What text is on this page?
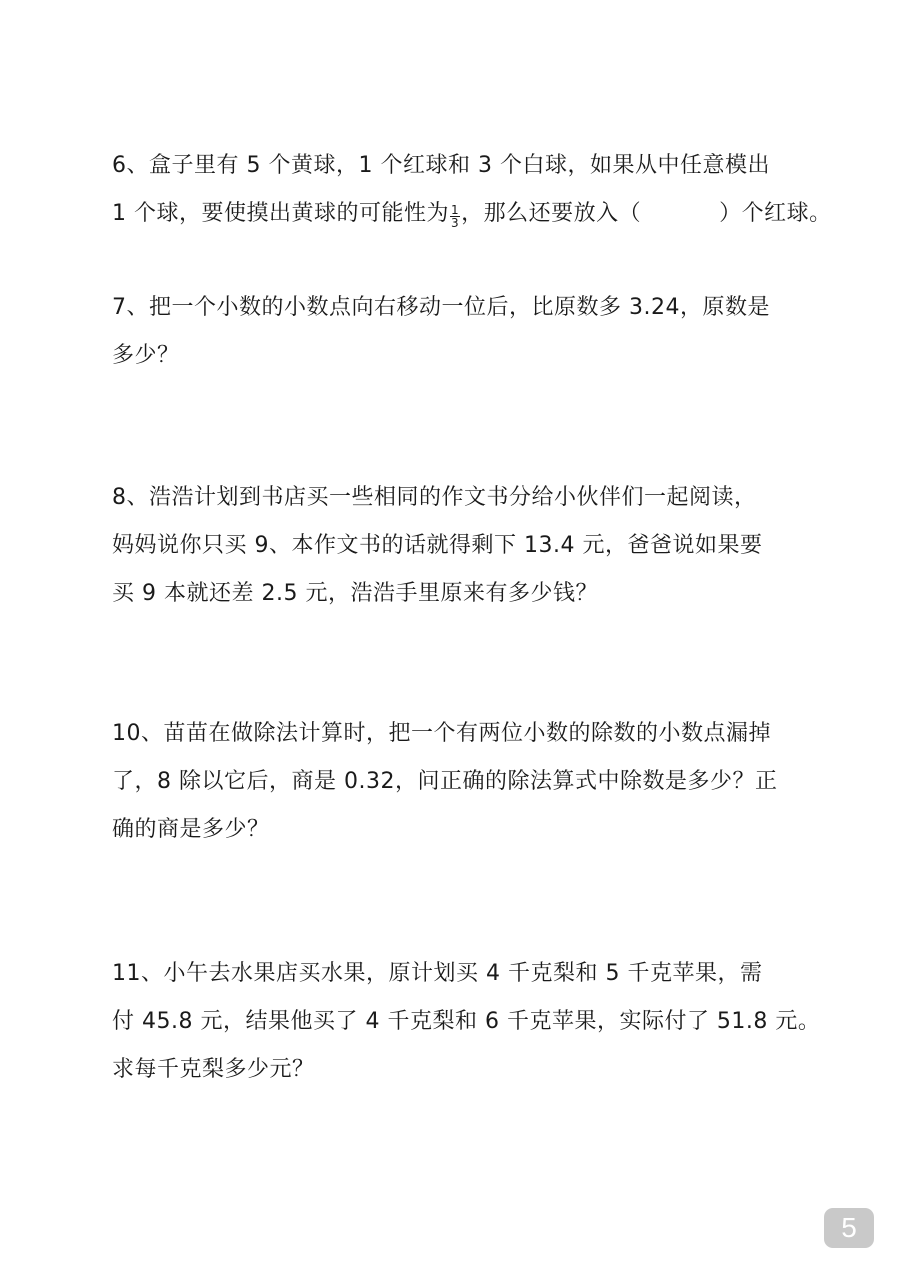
6、盒子里有 5 个黄球，1 个红球和 3 个白球，如果从中任意模出
1 个球，要使摸出黄球的可能性为 $\frac{1}{3}$ ，那么还要放入（	）个红球。
7、把一个小数的小数点向右移动一位后，比原数多 3.24，原数是
多少？
8、浩浩计划到书店买一些相同的作文书分给小伙伴们一起阅读，
妈妈说你只买 9、本作文书的话就得剩下 13.4 元，爸爸说如果要
买 9 本就还差 2.5 元，浩浩手里原来有多少钱？
10、苗苗在做除法计算时，把一个有两位小数的除数的小数点漏掉
了，8 除以它后，商是 0.32，问正确的除法算式中除数是多少？正
确的商是多少？
11、小午去水果店买水果，原计划买 4 千克梨和 5 千克苹果，需
付 45.8 元，结果他买了 4 千克梨和 6 千克苹果，实际付了 51.8 元。
求每千克梨多少元？
5
